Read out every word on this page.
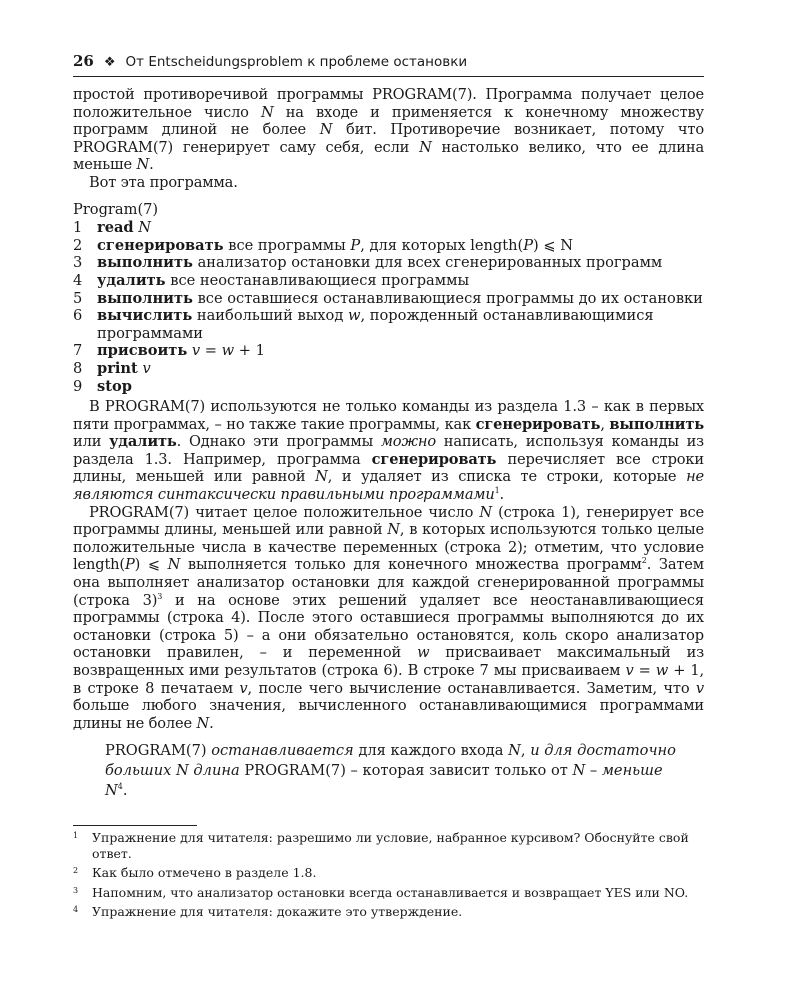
26 ❖ От Entscheidungsproblem к проблеме остановки

простой противоречивой программы PROGRAM(7). Программа получает целое положительное число N на входе и применяется к конечному множеству программ длиной не более N бит. Противоречие возникает, потому что PROGRAM(7) генерирует саму себя, если N настолько велико, что ее длина меньше N.

Вот эта программа.

Program(7)
1	read N
2	сгенерировать все программы P, для которых length(P) ⩽ N
3	выполнить анализатор остановки для всех сгенерированных программ
4	удалить все неостанавливающиеся программы
5	выполнить все оставшиеся останавливающиеся программы до их остановки
6	вычислить наибольший выход w, порожденный останавливающимися программами
7	присвоить v = w + 1
8	print v
9	stop

В PROGRAM(7) используются не только команды из раздела 1.3 – как в первых пяти программах, – но также такие программы, как сгенерировать, выполнить или удалить. Однако эти программы можно написать, используя команды из раздела 1.3. Например, программа сгенерировать перечисляет все строки длины, меньшей или равной N, и удаляет из списка те строки, которые не являются синтаксически правильными программами$^1$.

PROGRAM(7) читает целое положительное число N (строка 1), генерирует все программы длины, меньшей или равной N, в которых используются только целые положительные числа в качестве переменных (строка 2); отметим, что условие length(P) ⩽ N выполняется только для конечного множества программ$^2$. Затем она выполняет анализатор остановки для каждой сгенерированной программы (строка 3)$^3$ и на основе этих решений удаляет все неостанавливающиеся программы (строка 4). После этого оставшиеся программы выполняются до их остановки (строка 5) – а они обязательно остановятся, коль скоро анализатор остановки правилен, – и переменной w присваивает максимальный из возвращенных ими результатов (строка 6). В строке 7 мы присваиваем v = w + 1, в строке 8 печатаем v, после чего вычисление останавливается. Заметим, что v больше любого значения, вычисленного останавливающимися программами длины не более N.

PROGRAM(7) останавливается для каждого входа N, и для достаточно больших N длина PROGRAM(7) – которая зависит только от N – меньше $N^4$.
1	Упражнение для читателя: разрешимо ли условие, набранное курсивом? Обоснуйте свой ответ.
2	Как было отмечено в разделе 1.8.
3	Напомним, что анализатор остановки всегда останавливается и возвращает YES или NO.
4	Упражнение для читателя: докажите это утверждение.
